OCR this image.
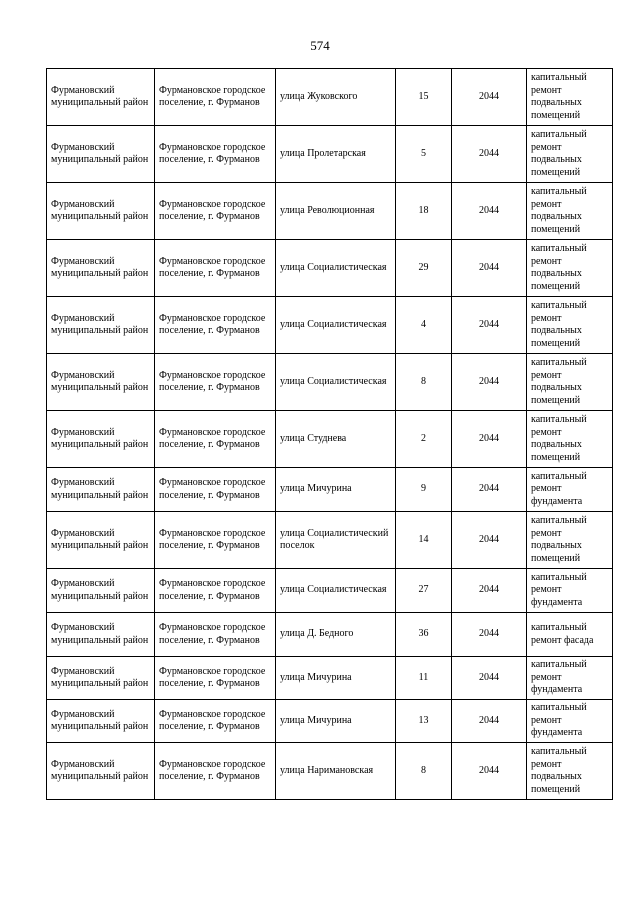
574
Фурмановский муниципальный район	Фурмановское городское поселение, г. Фурманов	улица Жуковского	15	2044	капитальный ремонт подвальных помещений
Фурмановский муниципальный район	Фурмановское городское поселение, г. Фурманов	улица Пролетарская	5	2044	капитальный ремонт подвальных помещений
Фурмановский муниципальный район	Фурмановское городское поселение, г. Фурманов	улица Революционная	18	2044	капитальный ремонт подвальных помещений
Фурмановский муниципальный район	Фурмановское городское поселение, г. Фурманов	улица Социалистическая	29	2044	капитальный ремонт подвальных помещений
Фурмановский муниципальный район	Фурмановское городское поселение, г. Фурманов	улица Социалистическая	4	2044	капитальный ремонт подвальных помещений
Фурмановский муниципальный район	Фурмановское городское поселение, г. Фурманов	улица Социалистическая	8	2044	капитальный ремонт подвальных помещений
Фурмановский муниципальный район	Фурмановское городское поселение, г. Фурманов	улица Студнева	2	2044	капитальный ремонт подвальных помещений
Фурмановский муниципальный район	Фурмановское городское поселение, г. Фурманов	улица Мичурина	9	2044	капитальный ремонт фундамента
Фурмановский муниципальный район	Фурмановское городское поселение, г. Фурманов	улица Социалистический поселок	14	2044	капитальный ремонт подвальных помещений
Фурмановский муниципальный район	Фурмановское городское поселение, г. Фурманов	улица Социалистическая	27	2044	капитальный ремонт фундамента
Фурмановский муниципальный район	Фурмановское городское поселение, г. Фурманов	улица Д. Бедного	36	2044	капитальный ремонт фасада
Фурмановский муниципальный район	Фурмановское городское поселение, г. Фурманов	улица Мичурина	11	2044	капитальный ремонт фундамента
Фурмановский муниципальный район	Фурмановское городское поселение, г. Фурманов	улица Мичурина	13	2044	капитальный ремонт фундамента
Фурмановский муниципальный район	Фурмановское городское поселение, г. Фурманов	улица Наримановская	8	2044	капитальный ремонт подвальных помещений
